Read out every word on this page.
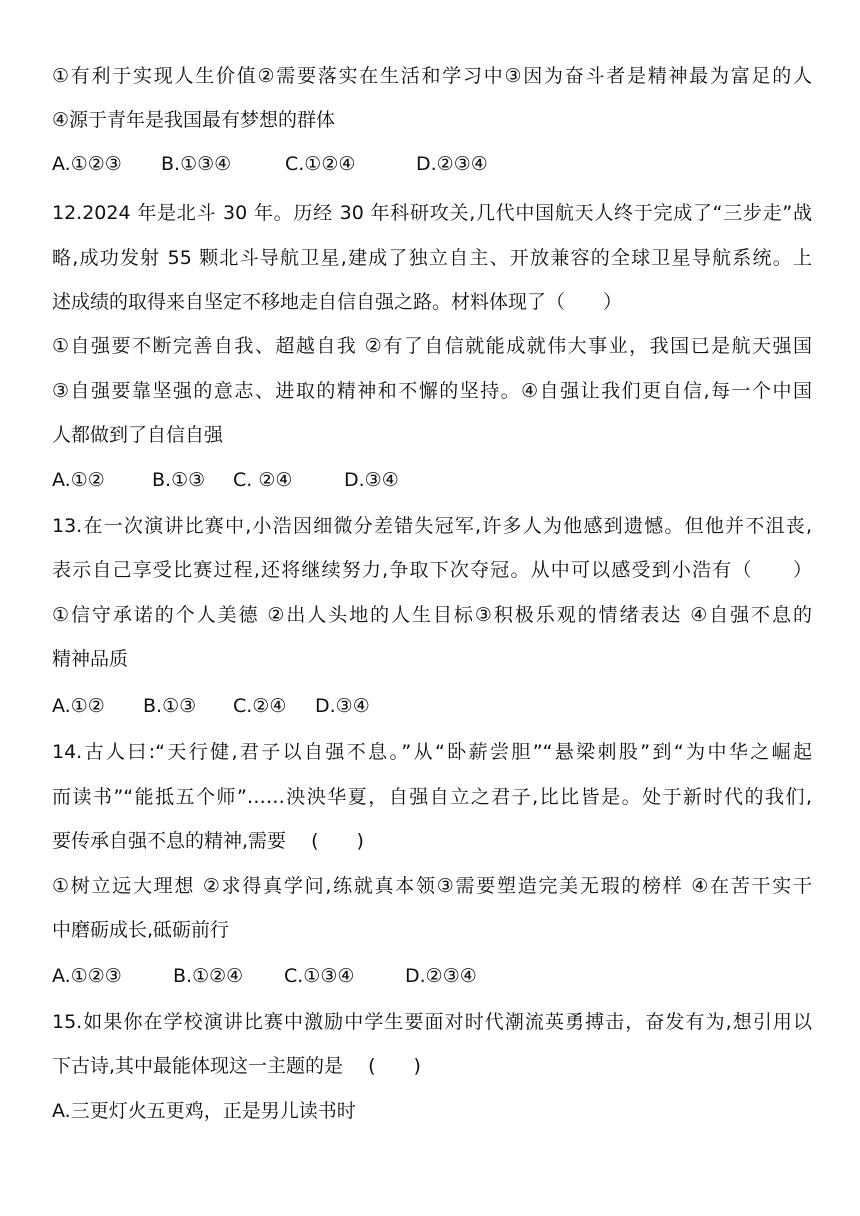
①有利于实现人生价值②需要落实在生活和学习中③因为奋斗者是精神最为富足的人
④源于青年是我国最有梦想的群体
A.①②③ B.①③④	C.①②④	D.②③④
12.2024 年是北斗 30 年。历经 30 年科研攻关,几代中国航天人终于完成了“三步走”战
略,成功发射 55 颗北斗导航卫星,建成了独立自主、开放兼容的全球卫星导航系统。上
述成绩的取得来自坚定不移地走自信自强之路。材料体现了（　　）
①自强要不断完善自我、超越自我 ②有了自信就能成就伟大事业，我国已是航天强国
③自强要靠坚强的意志、进取的精神和不懈的坚持。④自强让我们更自信,每一个中国
人都做到了自信自强
A.①② B.①③ C. ②④	D.③④
13.在一次演讲比赛中,小浩因细微分差错失冠军,许多人为他感到遗憾。但他并不沮丧,
表示自己享受比赛过程,还将继续努力,争取下次夺冠。从中可以感受到小浩有（　　）
①信守承诺的个人美德 ②出人头地的人生目标③积极乐观的情绪表达 ④自强不息的
精神品质
A.①② B.①③ C.②④ D.③④
14.古人曰:“天行健,君子以自强不息。”从“卧薪尝胆”“悬梁刺股”到“为中华之崛起
而读书”“能抵五个师”……泱泱华夏，自强自立之君子,比比皆是。处于新时代的我们,
要传承自强不息的精神,需要　 (　　)
①树立远大理想 ②求得真学问,练就真本领③需要塑造完美无瑕的榜样 ④在苦干实干
中磨砺成长,砥砺前行
A.①②③	B.①②④ C.①③④	D.②③④
15.如果你在学校演讲比赛中激励中学生要面对时代潮流英勇搏击，奋发有为,想引用以
下古诗,其中最能体现这一主题的是　 (　　)
A.三更灯火五更鸡，正是男儿读书时
